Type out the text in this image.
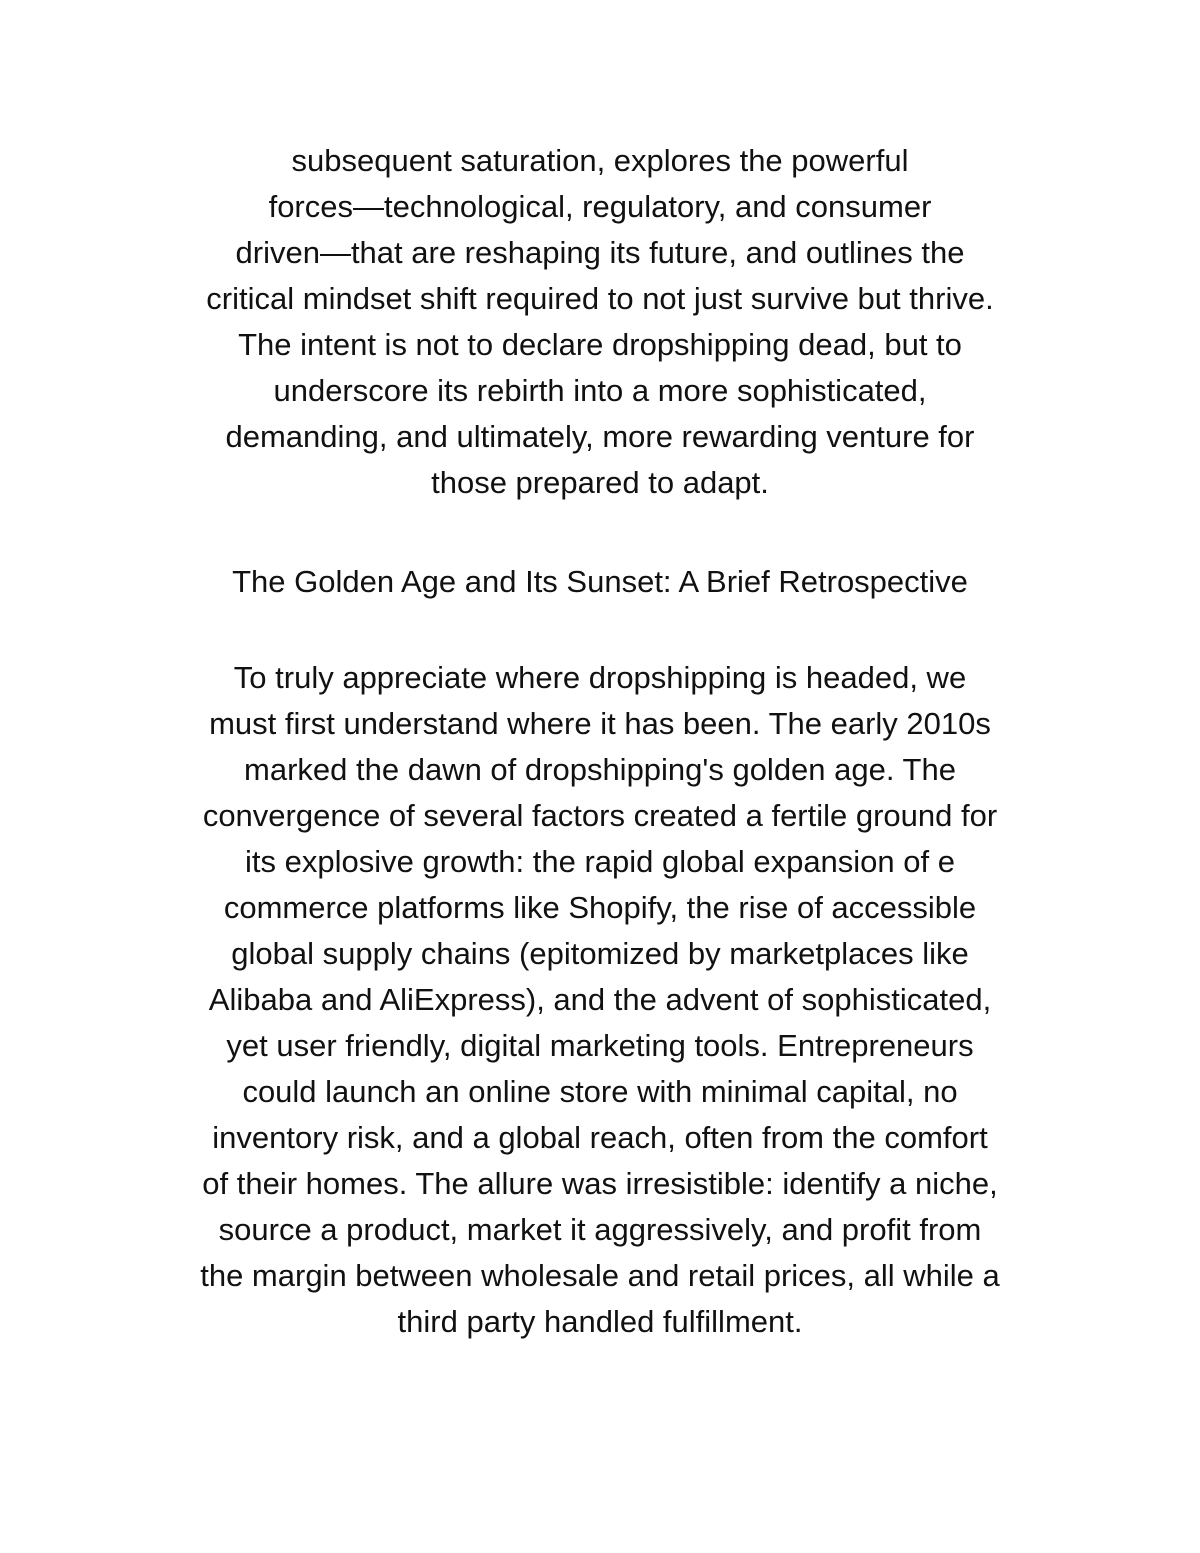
subsequent saturation, explores the powerful
forces—technological, regulatory, and consumer
driven—that are reshaping its future, and outlines the
critical mindset shift required to not just survive but thrive.
The intent is not to declare dropshipping dead, but to
underscore its rebirth into a more sophisticated,
demanding, and ultimately, more rewarding venture for
those prepared to adapt.

The Golden Age and Its Sunset: A Brief Retrospective

To truly appreciate where dropshipping is headed, we
must first understand where it has been. The early 2010s
marked the dawn of dropshipping's golden age. The
convergence of several factors created a fertile ground for
its explosive growth: the rapid global expansion of e
commerce platforms like Shopify, the rise of accessible
global supply chains (epitomized by marketplaces like
Alibaba and AliExpress), and the advent of sophisticated,
yet user friendly, digital marketing tools. Entrepreneurs
could launch an online store with minimal capital, no
inventory risk, and a global reach, often from the comfort
of their homes. The allure was irresistible: identify a niche,
source a product, market it aggressively, and profit from
the margin between wholesale and retail prices, all while a
third party handled fulfillment.
